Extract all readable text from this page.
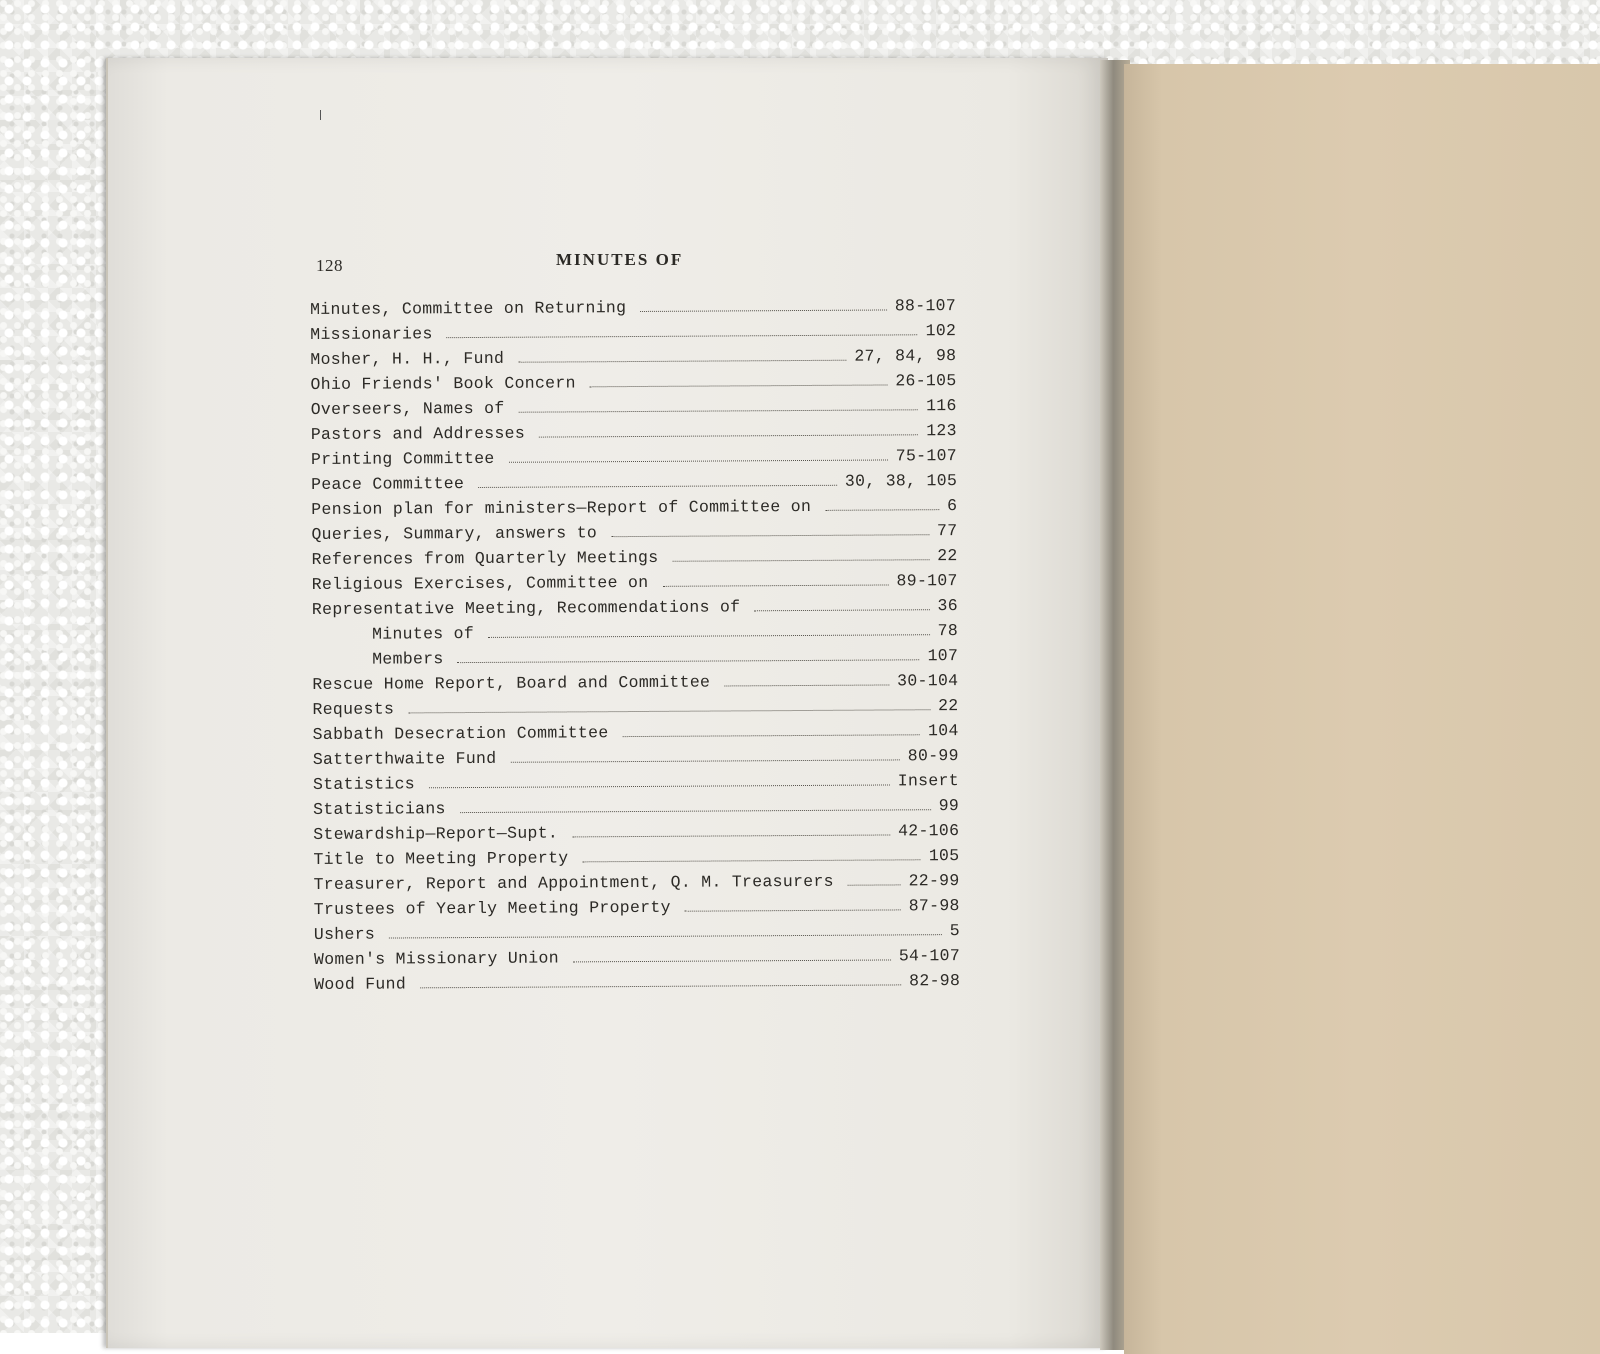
128	MINUTES OF
Minutes, Committee on Returning	88-107
Missionaries	102
Mosher, H. H., Fund	27, 84, 98
Ohio Friends' Book Concern	26-105
Overseers, Names of	116
Pastors and Addresses	123
Printing Committee	75-107
Peace Committee	30, 38, 105
Pension plan for ministers—Report of Committee on	6
Queries, Summary, answers to	77
References from Quarterly Meetings	22
Religious Exercises, Committee on	89-107
Representative Meeting, Recommendations of	36
Minutes of	78
Members	107
Rescue Home Report, Board and Committee	30-104
Requests	22
Sabbath Desecration Committee	104
Satterthwaite Fund	80-99
Statistics	Insert
Statisticians	99
Stewardship—Report—Supt.	42-106
Title to Meeting Property	105
Treasurer, Report and Appointment, Q. M. Treasurers	22-99
Trustees of Yearly Meeting Property	87-98
Ushers	5
Women's Missionary Union	54-107
Wood Fund	82-98
